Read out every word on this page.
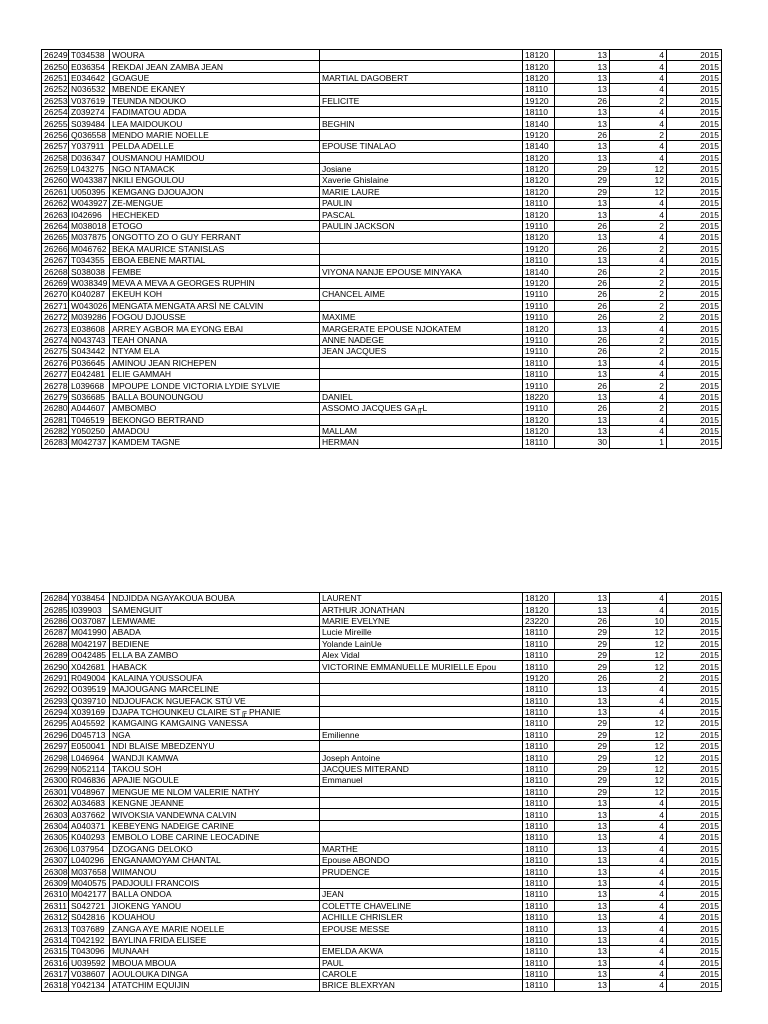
26249	T034538	WOURA		18120	13	4	2015
26250	E036354	REKDAI JEAN ZAMBA JEAN		18120	13	4	2015
26251	E034642	GOAGUE	MARTIAL DAGOBERT	18120	13	4	2015
26252	N036532	MBENDE EKANEY		18110	13	4	2015
26253	V037619	TEUNDA NDOUKO	FELICITE	19120	26	2	2015
26254	Z039274	FADIMATOU ADDA		18110	13	4	2015
26255	S039484	LEA MAIDOUKOU	BEGHIN	18140	13	4	2015
26256	Q036558	MENDO MARIE NOELLE		19120	26	2	2015
26257	Y037911	PELDA ADELLE	EPOUSE TINALAO	18140	13	4	2015
26258	D036347	OUSMANOU HAMIDOU		18120	13	4	2015
26259	L043275	NGO NTAMACK	Josiane	18120	29	12	2015
26260	W043387	NKILI ENGOULOU	Xaverie Ghislaine	18120	29	12	2015
26261	U050395	KEMGANG DJOUAJON	MARIE LAURE	18120	29	12	2015
26262	W043927	ZE-MENGUE	PAULIN	18110	13	4	2015
26263	I042696	HECHEKED	PASCAL	18120	13	4	2015
26264	M038018	ETOGO	PAULIN JACKSON	19110	26	2	2015
26265	M037875	ONGOTTO ZO O GUY FERRANT		18120	13	4	2015
26266	M046762	BEKA MAURICE STANISLAS		19120	26	2	2015
26267	T034355	EBOA EBENE MARTIAL		18110	13	4	2015
26268	S038038	FEMBE	VIYONA NANJE EPOUSE MINYAKA	18140	26	2	2015
26269	W038349	MEVA A MEVA A GEORGES RUPHIN		19120	26	2	2015
26270	K040287	EKEUH KOH	CHANCEL AIME	19110	26	2	2015
26271	W043026	MENGATA MENGATA ARSÌ NE CALVIN		19110	26	2	2015
26272	M039286	FOGOU DJOUSSE	MAXIME	19110	26	2	2015
26273	E038608	ARREY AGBOR MA EYONG EBAI	MARGERATE EPOUSE NJOKATEM	18120	13	4	2015
26274	N043743	TEAH ONANA	ANNE NADEGE	19110	26	2	2015
26275	S043442	NTYAM ELA	JEAN JACQUES	19110	26	2	2015
26276	P036645	AMINOU JEAN RICHEPEN		18110	13	4	2015
26277	E042481	ELIE GAMMAH		18110	13	4	2015
26278	L039668	MPOUPE LONDE VICTORIA LYDIE SYLVIE		19110	26	2	2015
26279	S036685	BALLA BOUNOUNGOU	DANIEL	18220	13	4	2015
26280	A044607	AMBOMBO	ASSOMO JACQUES GA╓L	19110	26	2	2015
26281	T046519	BEKONGO BERTRAND		18120	13	4	2015
26282	Y050250	AMADOU	MALLAM	18120	13	4	2015
26283	M042737	KAMDEM TAGNE	HERMAN	18110	30	1	2015
26284	Y038454	NDJIDDA NGAYAKOUA BOUBA	LAURENT	18120	13	4	2015
26285	I039903	SAMENGUIT	ARTHUR JONATHAN	18120	13	4	2015
26286	O037087	LEMWAME	MARIE EVELYNE	23220	26	10	2015
26287	M041990	ABADA	Lucie Mireille	18110	29	12	2015
26288	M042197	BEDIENE	Yolande LainUe	18110	29	12	2015
26289	O042485	ELLA BA ZAMBO	Alex Vidal	18110	29	12	2015
26290	X042681	HABACK	VICTORINE EMMANUELLE MURIELLE Epou	18110	29	12	2015
26291	R049004	KALAINA YOUSSOUFA		19120	26	2	2015
26292	O039519	MAJOUGANG MARCELINE		18110	13	4	2015
26293	Q039710	NDJOUFACK NGUEFACK STÚ VE		18110	13	4	2015
26294	X039169	DJAPA TCHOUNKEU CLAIRE ST╔ PHANIE		18110	13	4	2015
26295	A045592	KAMGAING KAMGAING VANESSA		18110	29	12	2015
26296	D045713	NGA	Emilienne	18110	29	12	2015
26297	E050041	NDI BLAISE MBEDZENYU		18110	29	12	2015
26298	L046964	WANDJI KAMWA	Joseph Antoine	18110	29	12	2015
26299	N052114	TAKOU SOH	JACQUES MITERAND	18110	29	12	2015
26300	R046836	APAJIE NGOULE	Emmanuel	18110	29	12	2015
26301	V048967	MENGUE ME NLOM VALERIE NATHY		18110	29	12	2015
26302	A034683	KENGNE JEANNE		18110	13	4	2015
26303	A037662	WIVOKSIA VANDEWNA CALVIN		18110	13	4	2015
26304	A040371	KEBEYENG NADEIGE CARINE		18110	13	4	2015
26305	K040293	EMBOLO LOBE CARINE LEOCADINE		18110	13	4	2015
26306	L037954	DZOGANG DELOKO	MARTHE	18110	13	4	2015
26307	L040296	ENGANAMOYAM CHANTAL	Epouse ABONDO	18110	13	4	2015
26308	M037658	WIIMANOU	PRUDENCE	18110	13	4	2015
26309	M040575	PADJOULI FRANCOIS		18110	13	4	2015
26310	M042177	BALLA ONDOA	JEAN	18110	13	4	2015
26311	S042721	JIOKENG YANOU	COLETTE CHAVELINE	18110	13	4	2015
26312	S042816	KOUAHOU	ACHILLE CHRISLER	18110	13	4	2015
26313	T037689	ZANGA AYE MARIE NOELLE	EPOUSE MESSE	18110	13	4	2015
26314	T042192	BAYLINA FRIDA ELISEE		18110	13	4	2015
26315	T043096	MUNAAH	EMELDA AKWA	18110	13	4	2015
26316	U039592	MBOUA MBOUA	PAUL	18110	13	4	2015
26317	V038607	AOULOUKA DINGA	CAROLE	18110	13	4	2015
26318	Y042134	ATATCHIM EQUIJIN	BRICE BLEXRYAN	18110	13	4	2015
